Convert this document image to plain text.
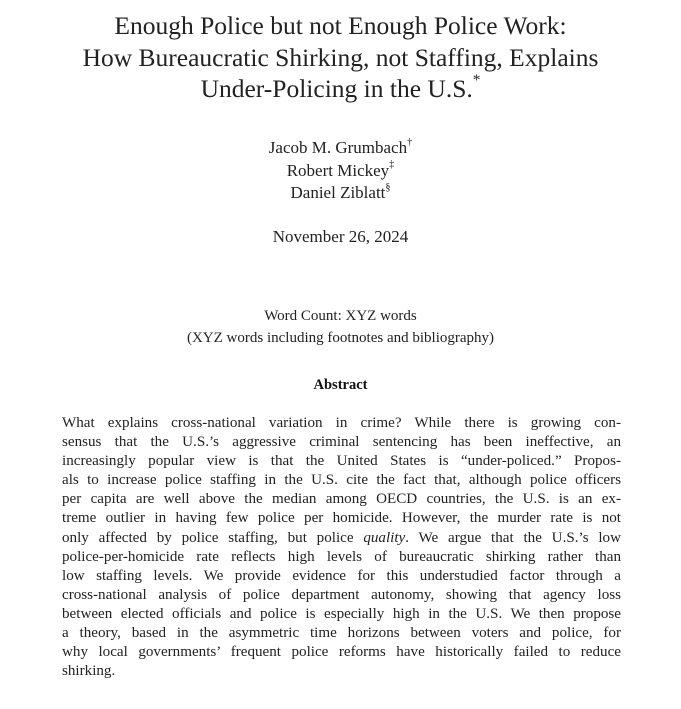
Enough Police but not Enough Police Work:
How Bureaucratic Shirking, not Staffing, Explains
Under-Policing in the U.S.*
Jacob M. Grumbach†
Robert Mickey‡
Daniel Ziblatt§
November 26, 2024
Word Count: XYZ words
(XYZ words including footnotes and bibliography)
Abstract
What explains cross-national variation in crime? While there is growing con-
sensus that the U.S.’s aggressive criminal sentencing has been ineffective, an
increasingly popular view is that the United States is “under-policed.” Propos-
als to increase police staffing in the U.S. cite the fact that, although police officers
per capita are well above the median among OECD countries, the U.S. is an ex-
treme outlier in having few police per homicide. However, the murder rate is not
only affected by police staffing, but police quality. We argue that the U.S.’s low
police-per-homicide rate reflects high levels of bureaucratic shirking rather than
low staffing levels. We provide evidence for this understudied factor through a
cross-national analysis of police department autonomy, showing that agency loss
between elected officials and police is especially high in the U.S. We then propose
a theory, based in the asymmetric time horizons between voters and police, for
why local governments’ frequent police reforms have historically failed to reduce
shirking.
